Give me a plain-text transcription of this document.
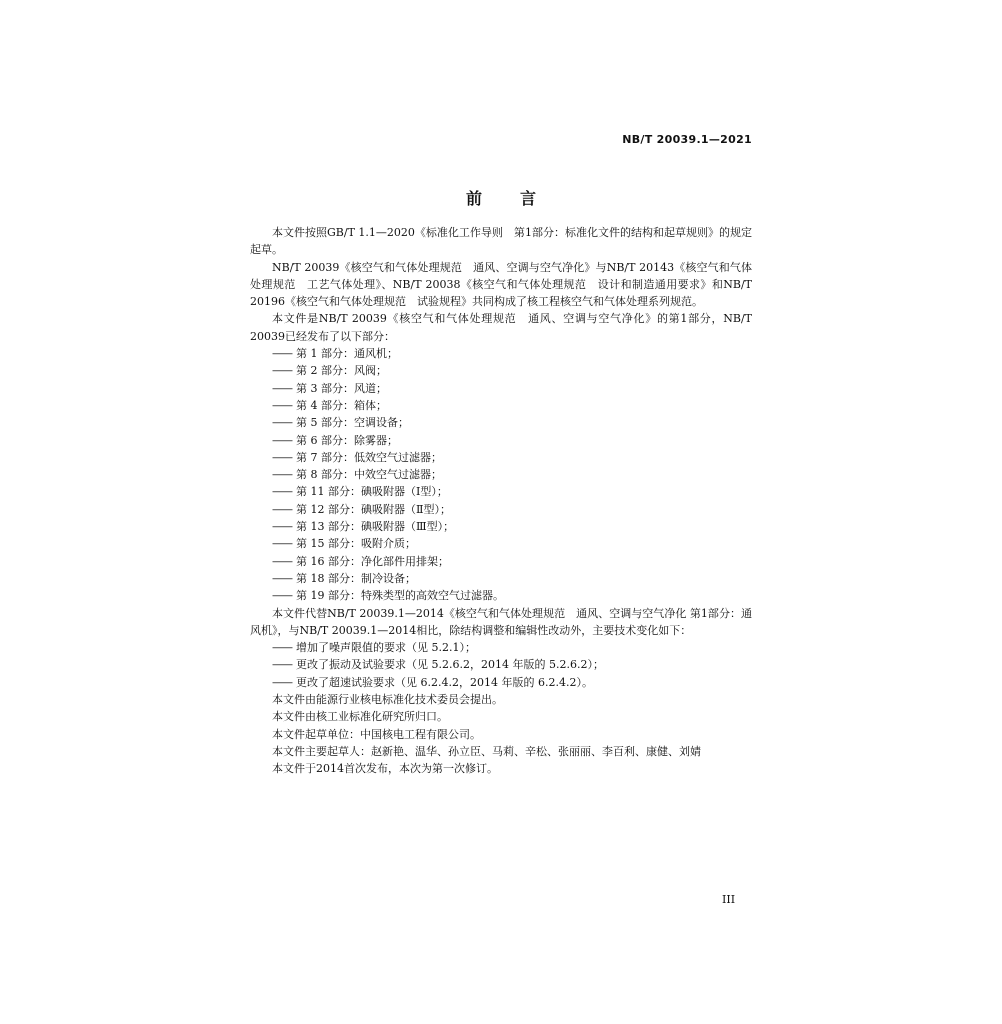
NB/T 20039.1—2021
前言

本文件按照GB/T 1.1—2020《标准化工作导则　第1部分：标准化文件的结构和起草规则》的规定起草。

NB/T 20039《核空气和气体处理规范　通风、空调与空气净化》与NB/T 20143《核空气和气体处理规范　工艺气体处理》、NB/T 20038《核空气和气体处理规范　设计和制造通用要求》和NB/T 20196《核空气和气体处理规范　试验规程》共同构成了核工程核空气和气体处理系列规范。

本文件是NB/T 20039《核空气和气体处理规范　通风、空调与空气净化》的第1部分，NB/T 20039已经发布了以下部分：

—— 第 1 部分：通风机；

—— 第 2 部分：风阀；

—— 第 3 部分：风道；

—— 第 4 部分：箱体；

—— 第 5 部分：空调设备；

—— 第 6 部分：除雾器；

—— 第 7 部分：低效空气过滤器；

—— 第 8 部分：中效空气过滤器；

—— 第 11 部分：碘吸附器（Ⅰ型）；

—— 第 12 部分：碘吸附器（Ⅱ型）；

—— 第 13 部分：碘吸附器（Ⅲ型）；

—— 第 15 部分：吸附介质；

—— 第 16 部分：净化部件用排架；

—— 第 18 部分：制冷设备；

—— 第 19 部分：特殊类型的高效空气过滤器。

本文件代替NB/T 20039.1—2014《核空气和气体处理规范　通风、空调与空气净化 第1部分：通风机》，与NB/T 20039.1—2014相比，除结构调整和编辑性改动外，主要技术变化如下：

—— 增加了噪声限值的要求（见 5.2.1）；

—— 更改了振动及试验要求（见 5.2.6.2，2014 年版的 5.2.6.2）；

—— 更改了超速试验要求（见 6.2.4.2，2014 年版的 6.2.4.2）。

本文件由能源行业核电标准化技术委员会提出。

本文件由核工业标准化研究所归口。

本文件起草单位：中国核电工程有限公司。

本文件主要起草人：赵新艳、温华、孙立臣、马莉、辛松、张丽丽、李百利、康健、刘婧

本文件于2014首次发布，本次为第一次修订。

III
